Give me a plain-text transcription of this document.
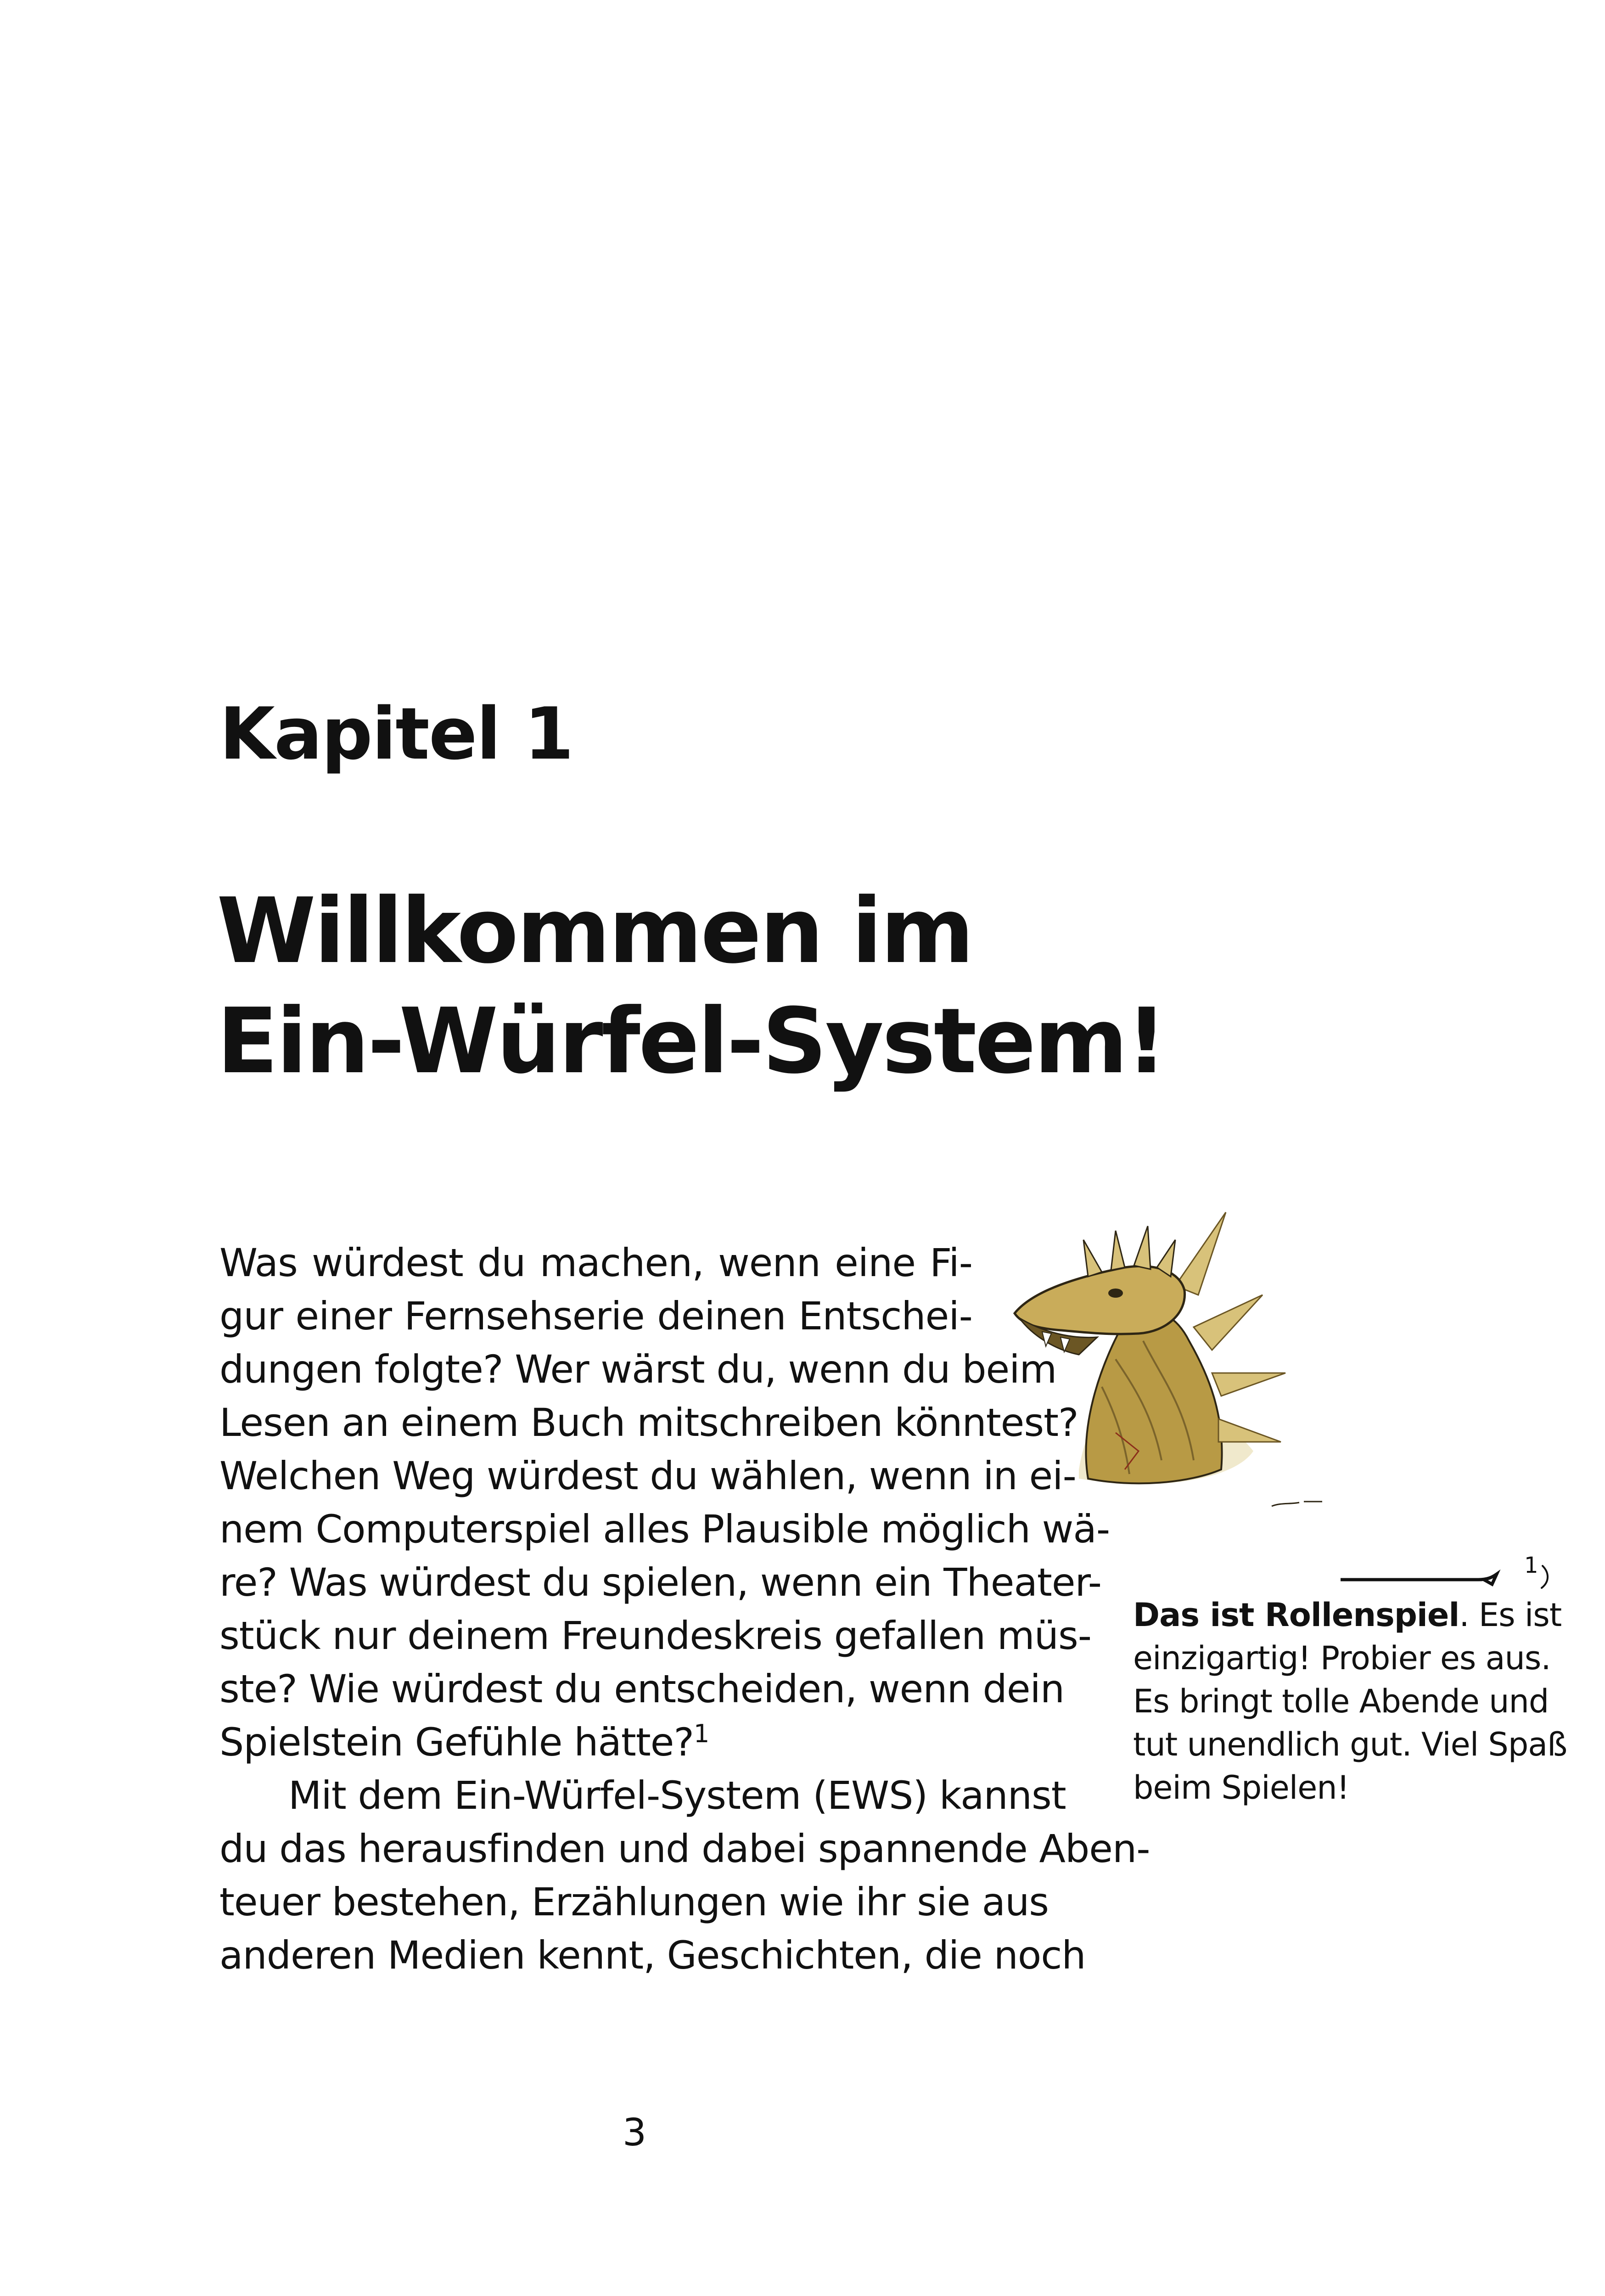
Kapitel 1
Willkommen im
Ein-Würfel-System!
Was würdest du machen, wenn eine Fi-
gur einer Fernsehserie deinen Entschei-
dungen folgte? Wer wärst du, wenn du beim
Lesen an einem Buch mitschreiben könntest?
Welchen Weg würdest du wählen, wenn in ei-
nem Computerspiel alles Plausible möglich wä-
re? Was würdest du spielen, wenn ein Theater-
stück nur deinem Freundeskreis gefallen müs-
ste? Wie würdest du entscheiden, wenn dein
Spielstein Gefühle hätte?$^1$
Mit dem Ein-Würfel-System (EWS) kannst
du das herausfinden und dabei spannende Aben-
teuer bestehen, Erzählungen wie ihr sie aus
anderen Medien kennt, Geschichten, die noch
1
Das ist Rollenspiel. Es ist
einzigartig! Probier es aus.
Es bringt tolle Abende und
tut unendlich gut. Viel Spaß
beim Spielen!
3
